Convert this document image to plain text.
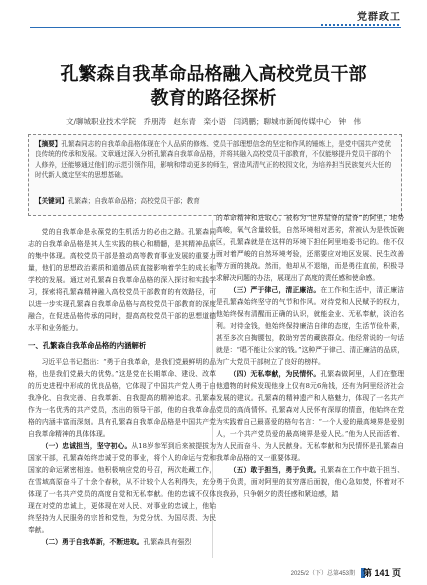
党群政工
孔繁森自我革命品格融入高校党员干部
教育的路径探析
文/聊城职业技术学院　乔朋涛　赵东青　栾小语　闫鸿鹏；聊城市新闻传媒中心　钟　伟
【摘要】孔繁森同志的自我革命品格体现在个人品质的修炼、党员干部理想信念的坚定和作风的锤炼上，是党中国共产党优良传统的传承和发展。文章通过深入分析孔繁森自我革命品格，并将其融入高校党员干部教育，不仅能够提升党员干部的个人修养，还能够通过他们的示范引领作用，影响和带动更多的师生，营造风清气正的校园文化，为培养担当民族复兴大任的时代新人奠定坚实的思想基础。
【关键词】孔繁森；自我革命品格；高校党员干部；教育

党的自我革命是永葆党的生机活力的必由之路。孔繁森同志的自我革命品格是其人生实践的核心和精髓，是其精神品质的集中体现。高校党员干部是推动高等教育事业发展的重要力量，他们的思想政治素质和道德品质直接影响着学生的成长和学校的发展。通过对孔繁森自我革命品格的深入探讨和实践学习，探索将孔繁森精神融入高校党员干部教育的有效路径，可以进一步实现孔繁森自我革命品格与高校党员干部教育的深度融合，在促进品格传承的同时，提高高校党员干部的思想道德水平和业务能力。

一、孔繁森自我革命品格的内涵解析

习近平总书记指出：“勇于自我革命，是我们党最鲜明的品格，也是我们党最大的优势。”这是党在长期革命、建设、改革的历史进程中形成的优良品格，它体现了中国共产党人勇于自我净化、自我完善、自我革新、自我提高的精神追求。孔繁森作为一名优秀的共产党员，杰出的领导干部，他的自我革命品格的内涵丰富而深刻。具有孔繁森自我革命品格是中国共产党自我革命精神的具体体现。

（一）忠诚担当，坚守初心。从18岁参军到后来被提拔为国家干部，孔繁森始终忠诚于党的事业，将个人的命运与党和国家的命运紧密相连。他积极响应党的号召，两次赴藏工作，在雪域高原奋斗了十余个春秋，从不计较个人名利得失，充分体现了一名共产党员的高度自觉和无私奉献。他的忠诚不仅体现在对党的忠诚上，更体现在对人民、对事业的忠诚上，他始终坚持为人民服务的宗旨和党性，为党分忧、为国尽责、为民奉献。

（二）勇于自我革新，不断进取。孔繁森具有强烈

的革命精神和进取心。被称为“世界屋脊的屋脊”的阿里，地势高峻，氧气含量较低，自然环境相对恶劣，常被认为是铁饭碗区，孔繁森就是在这样的环境下担任阿里地委书记的。他不仅面对着严峻的自然环境考验，还需要应对地区发展、民生改善等方面的挑战。然而，他却从不退缩，而是勇往直前，积极寻求解决问题的办法，展现出了高度的责任感和使命感。

（三）严于律己，清正廉洁。在工作和生活中，清正廉洁是孔繁森始终坚守的气节和作风。对待党和人民赋予的权力，他始终保有清醒而正确的认识，就能金业、无私奉献，淡泊名利。对待金钱，他始终保持廉洁自律的态度，生活节俭朴素，甚至多次自掏腰包，救助穷苦的藏族群众。他经常说的一句话就是：“唱不能让公家的钱。”这种严于律己、清正廉洁的品质，为广大党员干部树立了良好的榜样。

（四）无私奉献，为民情怀。孔繁森做阿里，人们在整理他遗物的时候发现他身上仅有8元6角钱，还有为阿里经济社会发展的建议。孔繁森的精神遗产和人格魅力，体现了一名共产党员的高尚情怀。孔繁森对人民怀有深厚的情意，他始终在党为实践着自己最喜爱的格句名言：“一个人爱的最高境界是爱别人，一个共产党员爱的最高境界是爱人民。”他为人民而活着、为人民而奋斗、为人民献身。无私奉献和为民情怀是孔繁森自我革命品格的又一重要体现。

（五）敢于担当，勇于负责。孔繁森在工作中敢于担当、勇于负责，面对阿里的贫穷落后面貌，他心急如焚，怀着对不良我孙，只争朝夕的责任感和紧迫感，踏

2025/2（下）总第453期 第 141 页
